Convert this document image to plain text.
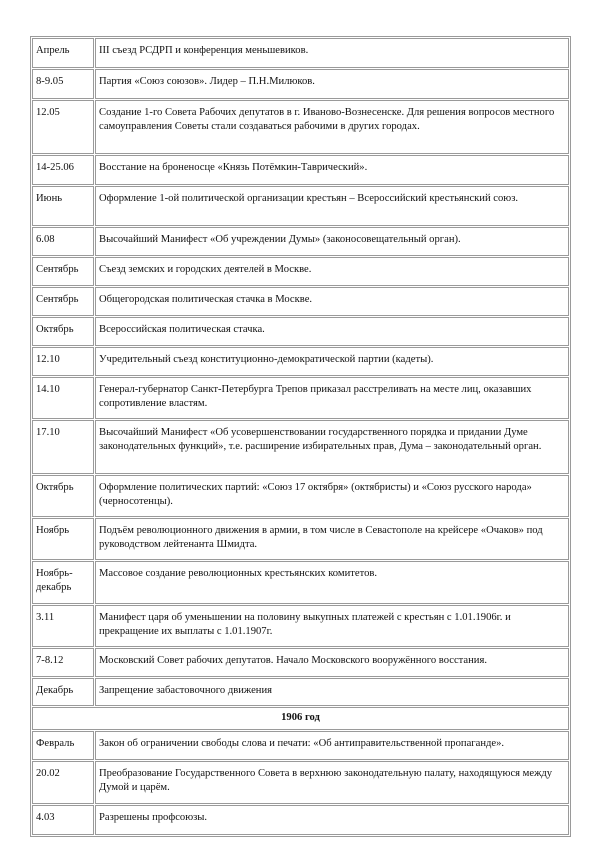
Апрель	III съезд РСДРП и конференция меньшевиков.
8-9.05	Партия «Союз союзов». Лидер – П.Н.Милюков.
12.05	Создание 1-го Совета Рабочих депутатов в г. Иваново-Вознесенске. Для решения вопросов местного самоуправления Советы стали создаваться рабочими в других городах.
14-25.06	Восстание на броненосце «Князь Потёмкин-Таврический».
Июнь	Оформление 1-ой политической организации крестьян – Всероссийский крестьянский союз.
6.08	Высочайший Манифест «Об учреждении Думы» (законосовещательный орган).
Сентябрь	Съезд земских и городских деятелей в Москве.
Сентябрь	Общегородская политическая стачка в Москве.
Октябрь	Всероссийская политическая стачка.
12.10	Учредительный съезд конституционно-демократической партии (кадеты).
14.10	Генерал-губернатор Санкт-Петербурга Трепов приказал расстреливать на месте лиц, оказавших сопротивление властям.
17.10	Высочайший Манифест «Об усовершенствовании государственного порядка и придании Думе законодательных функций», т.е. расширение избирательных прав, Дума – законодательный орган.
Октябрь	Оформление политических партий: «Союз 17 октября» (октябристы) и «Союз русского народа» (черносотенцы).
Ноябрь	Подъём революционного движения в армии, в том числе в Севастополе на крейсере «Очаков» под руководством лейтенанта Шмидта.
Ноябрь-декабрь	Массовое создание революционных крестьянских комитетов.
3.11	Манифест царя об уменьшении на половину выкупных платежей с крестьян с 1.01.1906г. и прекращение их выплаты с 1.01.1907г.
7-8.12	Московский Совет рабочих депутатов. Начало Московского вооружённого восстания.
Декабрь	Запрещение забастовочного движения
1906 год	
Февраль	Закон об ограничении свободы слова и печати: «Об антиправительственной пропаганде».
20.02	Преобразование Государственного Совета в верхнюю законодательную палату, находящуюся между Думой и царём.
4.03	Разрешены профсоюзы.
